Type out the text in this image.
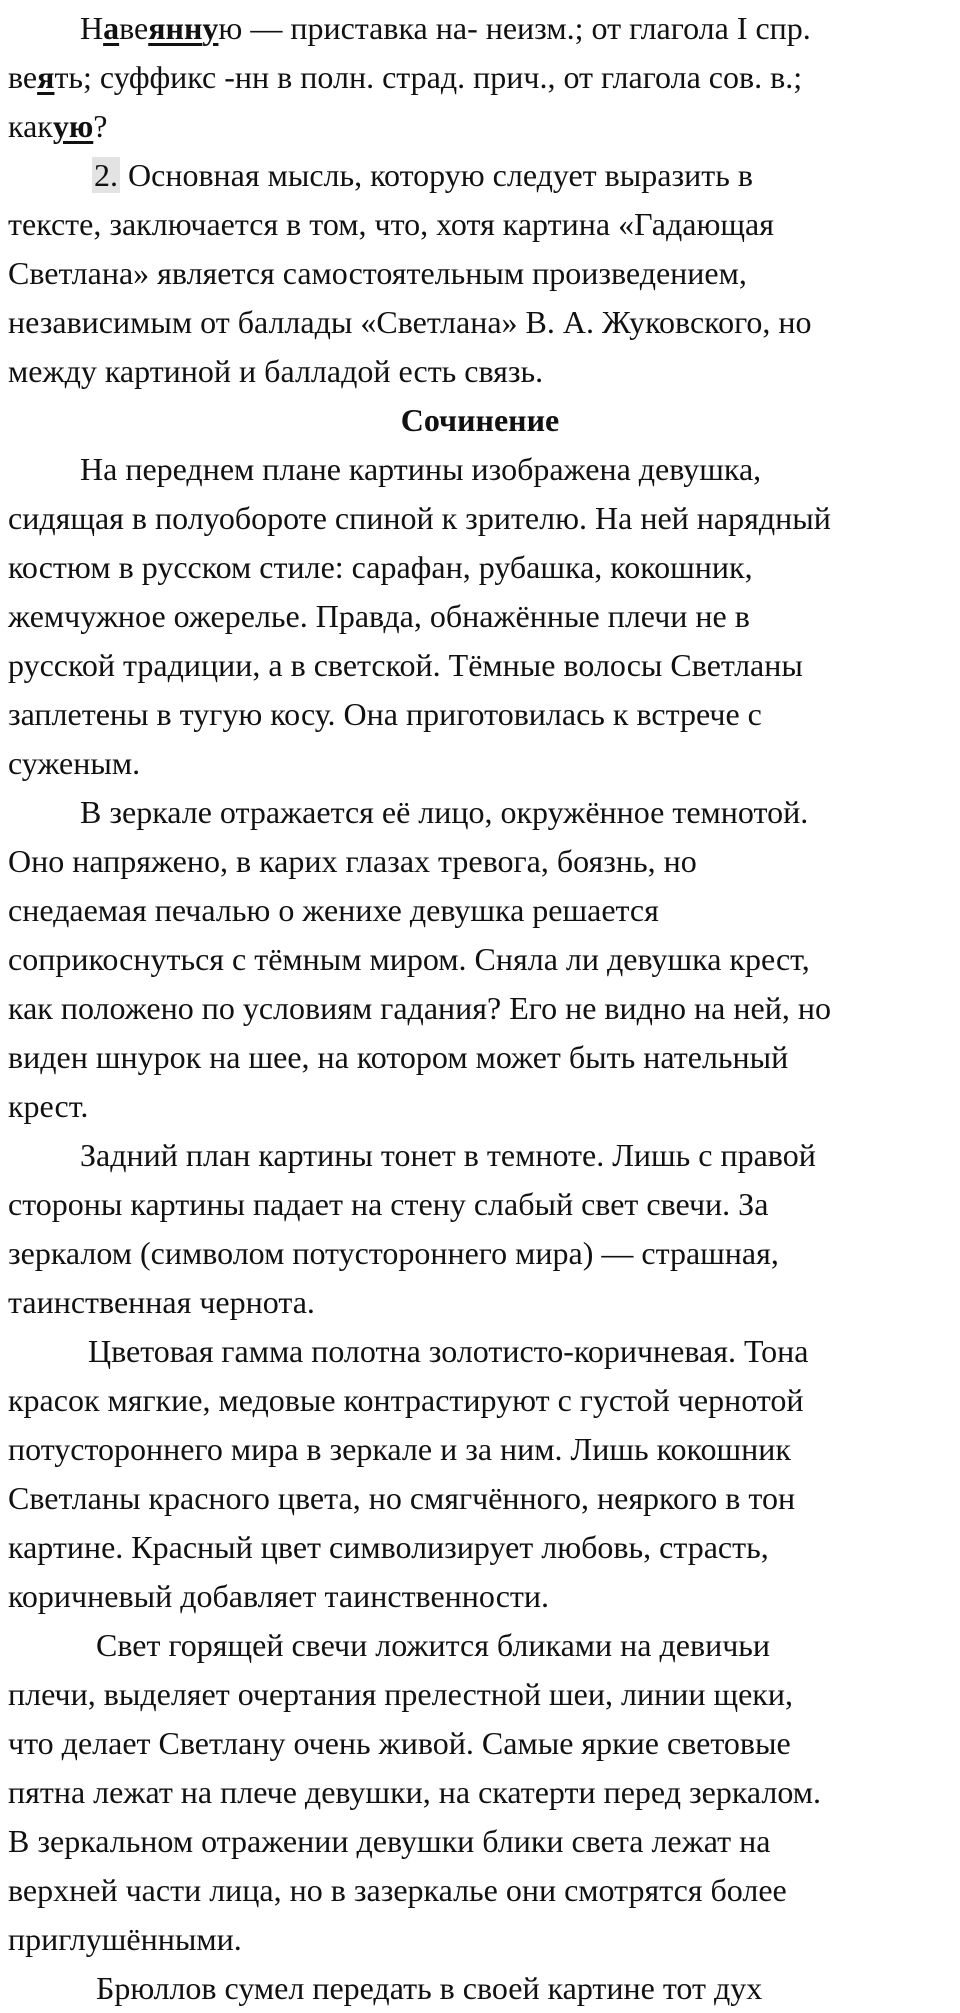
Навеянную — приставка на- неизм.; от глагола I спр.

веять; суффикс -нн в полн. страд. прич., от глагола сов. в.;

какую?

2. Основная мысль, которую следует выразить в

тексте, заключается в том, что, хотя картина «Гадающая

Светлана» является самостоятельным произведением,

независимым от баллады «Светлана» В. А. Жуковского, но

между картиной и балладой есть связь.

Сочинение

На переднем плане картины изображена девушка,

сидящая в полуобороте спиной к зрителю. На ней нарядный

костюм в русском стиле: сарафан, рубашка, кокошник,

жемчужное ожерелье. Правда, обнажённые плечи не в

русской традиции, а в светской. Тёмные волосы Светланы

заплетены в тугую косу. Она приготовилась к встрече с

суженым.

В зеркале отражается её лицо, окружённое темнотой.

Оно напряжено, в карих глазах тревога, боязнь, но

снедаемая печалью о женихе девушка решается

соприкоснуться с тёмным миром. Сняла ли девушка крест,

как положено по условиям гадания? Его не видно на ней, но

виден шнурок на шее, на котором может быть нательный

крест.

Задний план картины тонет в темноте. Лишь с правой

стороны картины падает на стену слабый свет свечи. За

зеркалом (символом потустороннего мира) — страшная,

таинственная чернота.

Цветовая гамма полотна золотисто-коричневая. Тона

красок мягкие, медовые контрастируют с густой чернотой

потустороннего мира в зеркале и за ним. Лишь кокошник

Светланы красного цвета, но смягчённого, неяркого в тон

картине. Красный цвет символизирует любовь, страсть,

коричневый добавляет таинственности.

Свет горящей свечи ложится бликами на девичьи

плечи, выделяет очертания прелестной шеи, линии щеки,

что делает Светлану очень живой. Самые яркие световые

пятна лежат на плече девушки, на скатерти перед зеркалом.

В зеркальном отражении девушки блики света лежат на

верхней части лица, но в зазеркалье они смотрятся более

приглушёнными.

Брюллов сумел передать в своей картине тот дух
